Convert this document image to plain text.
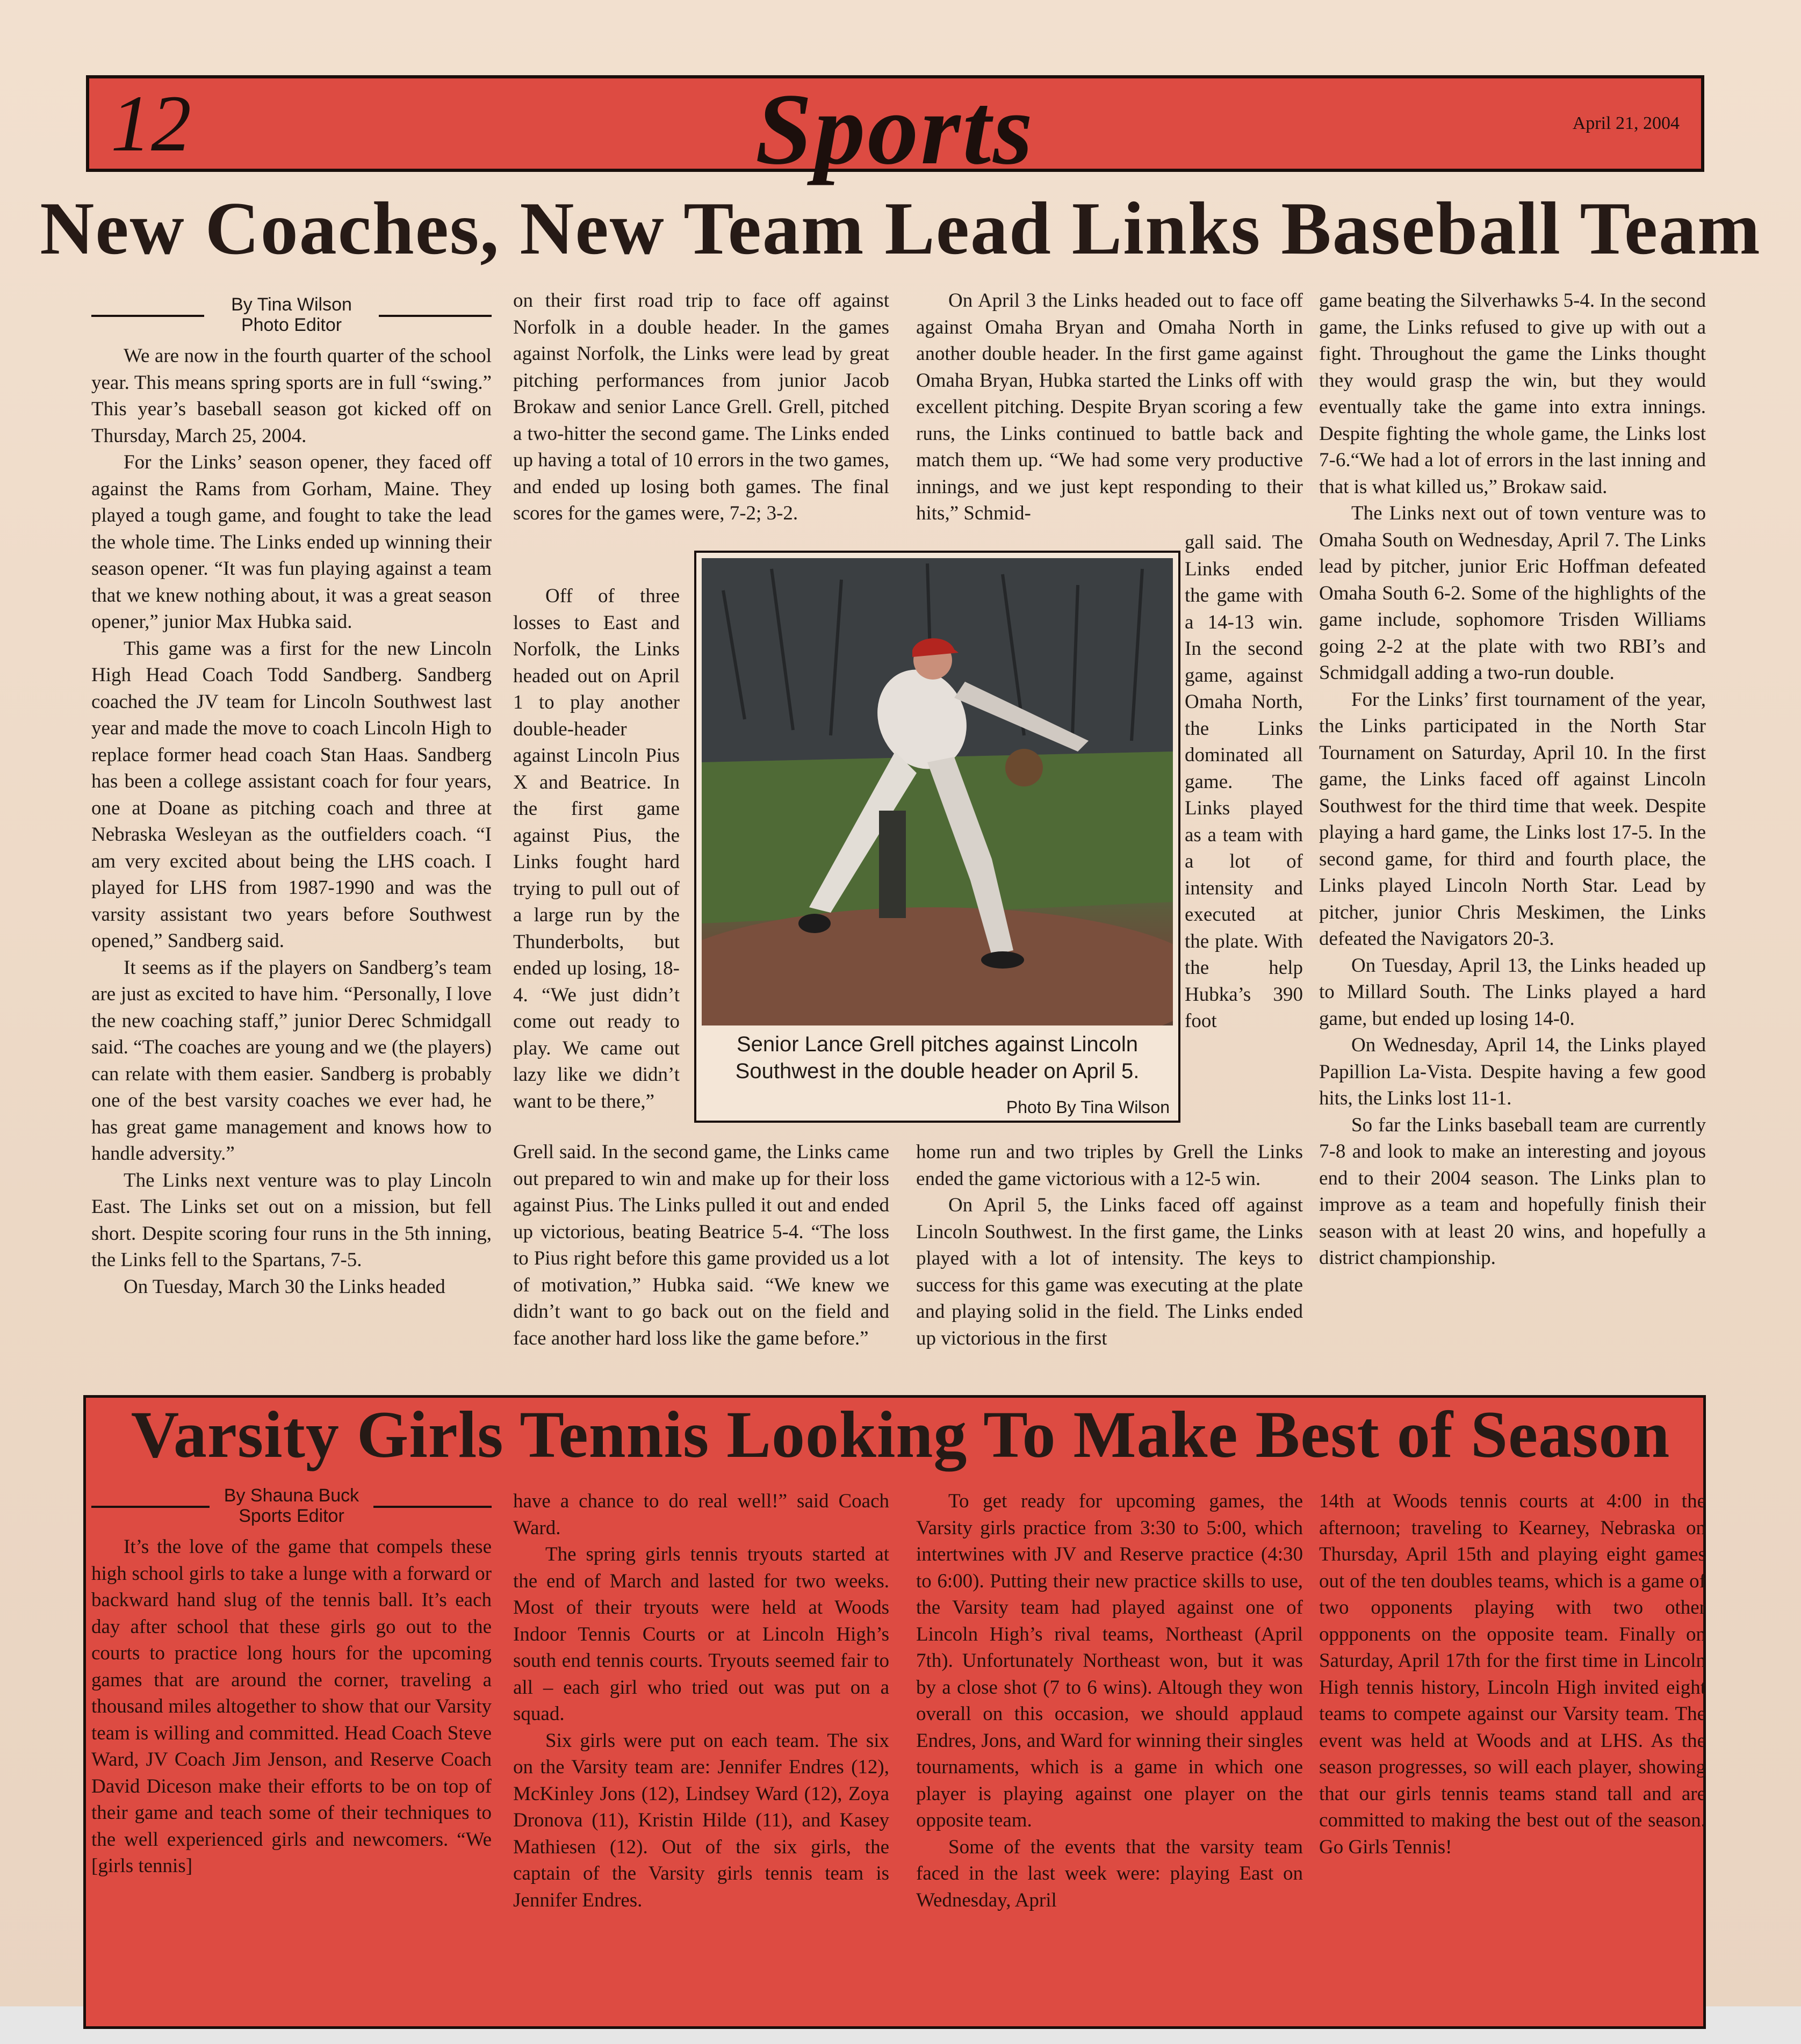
12	Sports	April 21, 2004
New Coaches, New Team Lead Links Baseball Team
By Tina Wilson
Photo Editor

We are now in the fourth quarter of the school year. This means spring sports are in full “swing.” This year’s baseball season got kicked off on Thursday, March 25, 2004.

For the Links’ season opener, they faced off against the Rams from Gorham, Maine. They played a tough game, and fought to take the lead the whole time. The Links ended up winning their season opener. “It was fun playing against a team that we knew nothing about, it was a great season opener,” junior Max Hubka said.

This game was a first for the new Lincoln High Head Coach Todd Sandberg. Sandberg coached the JV team for Lincoln Southwest last year and made the move to coach Lincoln High to replace former head coach Stan Haas. Sandberg has been a college assistant coach for four years, one at Doane as pitching coach and three at Nebraska Wesleyan as the outfielders coach. “I am very excited about being the LHS coach. I played for LHS from 1987-1990 and was the varsity assistant two years before Southwest opened,” Sandberg said.

It seems as if the players on Sandberg’s team are just as excited to have him. “Personally, I love the new coaching staff,” junior Derec Schmidgall said. “The coaches are young and we (the players) can relate with them easier. Sandberg is probably one of the best varsity coaches we ever had, he has great game management and knows how to handle adversity.”

The Links next venture was to play Lincoln East. The Links set out on a mission, but fell short. Despite scoring four runs in the 5th inning, the Links fell to the Spartans, 7-5.

On Tuesday, March 30 the Links headed

on their first road trip to face off against Norfolk in a double header. In the games against Norfolk, the Links were lead by great pitching performances from junior Jacob Brokaw and senior Lance Grell. Grell, pitched a two-hitter the second game. The Links ended up having a total of 10 errors in the two games, and ended up losing both games. The final scores for the games were, 7-2; 3-2.

Off of three losses to East and Norfolk, the Links headed out on April 1 to play another double-header against Lincoln Pius X and Beatrice. In the first game against Pius, the Links fought hard trying to pull out of a large run by the Thunderbolts, but ended up losing, 18-4. “We just didn’t come out ready to play. We came out lazy like we didn’t want to be there,”

Grell said. In the second game, the Links came out prepared to win and make up for their loss against Pius. The Links pulled it out and ended up victorious, beating Beatrice 5-4. “The loss to Pius right before this game provided us a lot of motivation,” Hubka said. “We knew we didn’t want to go back out on the field and face another hard loss like the game before.”

On April 3 the Links headed out to face off against Omaha Bryan and Omaha North in another double header. In the first game against Omaha Bryan, Hubka started the Links off with excellent pitching. Despite Bryan scoring a few runs, the Links continued to battle back and match them up. “We had some very productive innings, and we just kept responding to their hits,” Schmid-

gall said. The Links ended the game with a 14-13 win. In the second game, against Omaha North, the Links dominated all game. The Links played as a team with a lot of intensity and executed at the plate. With the help Hubka’s 390 foot

home run and two triples by Grell the Links ended the game victorious with a 12-5 win.

On April 5, the Links faced off against Lincoln Southwest. In the first game, the Links played with a lot of intensity. The keys to success for this game was executing at the plate and playing solid in the field. The Links ended up victorious in the first

game beating the Silverhawks 5-4. In the second game, the Links refused to give up with out a fight. Throughout the game the Links thought they would grasp the win, but they would eventually take the game into extra innings. Despite fighting the whole game, the Links lost 7-6.“We had a lot of errors in the last inning and that is what killed us,” Brokaw said.

The Links next out of town venture was to Omaha South on Wednesday, April 7. The Links lead by pitcher, junior Eric Hoffman defeated Omaha South 6-2. Some of the highlights of the game include, sophomore Trisden Williams going 2-2 at the plate with two RBI’s and Schmidgall adding a two-run double.

For the Links’ first tournament of the year, the Links participated in the North Star Tournament on Saturday, April 10. In the first game, the Links faced off against Lincoln Southwest for the third time that week. Despite playing a hard game, the Links lost 17-5. In the second game, for third and fourth place, the Links played Lincoln North Star. Lead by pitcher, junior Chris Meskimen, the Links defeated the Navigators 20-3.

On Tuesday, April 13, the Links headed up to Millard South. The Links played a hard game, but ended up losing 14-0.

On Wednesday, April 14, the Links played Papillion La-Vista. Despite having a few good hits, the Links lost 11-1.

So far the Links baseball team are currently 7-8 and look to make an interesting and joyous end to their 2004 season. The Links plan to improve as a team and hopefully finish their season with at least 20 wins, and hopefully a district championship.

Senior Lance Grell pitches against Lincoln Southwest in the double header on April 5.
Photo By Tina Wilson
Varsity Girls Tennis Looking To Make Best of Season
By Shauna Buck
Sports Editor

It’s the love of the game that compels these high school girls to take a lunge with a forward or backward hand slug of the tennis ball. It’s each day after school that these girls go out to the courts to practice long hours for the upcoming games that are around the corner, traveling a thousand miles altogether to show that our Varsity team is willing and committed. Head Coach Steve Ward, JV Coach Jim Jenson, and Reserve Coach David Diceson make their efforts to be on top of their game and teach some of their techniques to the well experienced girls and newcomers. “We [girls tennis]

have a chance to do real well!” said Coach Ward.

The spring girls tennis tryouts started at the end of March and lasted for two weeks. Most of their tryouts were held at Woods Indoor Tennis Courts or at Lincoln High’s south end tennis courts. Tryouts seemed fair to all – each girl who tried out was put on a squad.

Six girls were put on each team. The six on the Varsity team are: Jennifer Endres (12), McKinley Jons (12), Lindsey Ward (12), Zoya Dronova (11), Kristin Hilde (11), and Kasey Mathiesen (12). Out of the six girls, the captain of the Varsity girls tennis team is Jennifer Endres.

To get ready for upcoming games, the Varsity girls practice from 3:30 to 5:00, which intertwines with JV and Reserve practice (4:30 to 6:00). Putting their new practice skills to use, the Varsity team had played against one of Lincoln High’s rival teams, Northeast (April 7th). Unfortunately Northeast won, but it was by a close shot (7 to 6 wins). Altough they won overall on this occasion, we should applaud Endres, Jons, and Ward for winning their singles tournaments, which is a game in which one player is playing against one player on the opposite team.

Some of the events that the varsity team faced in the last week were: playing East on Wednesday, April

14th at Woods tennis courts at 4:00 in the afternoon; traveling to Kearney, Nebraska on Thursday, April 15th and playing eight games out of the ten doubles teams, which is a game of two opponents playing with two other oppponents on the opposite team. Finally on Saturday, April 17th for the first time in Lincoln High tennis history, Lincoln High invited eight teams to compete against our Varsity team. The event was held at Woods and at LHS. As the season progresses, so will each player, showing that our girls tennis teams stand tall and are committed to making the best out of the season. Go Girls Tennis!
